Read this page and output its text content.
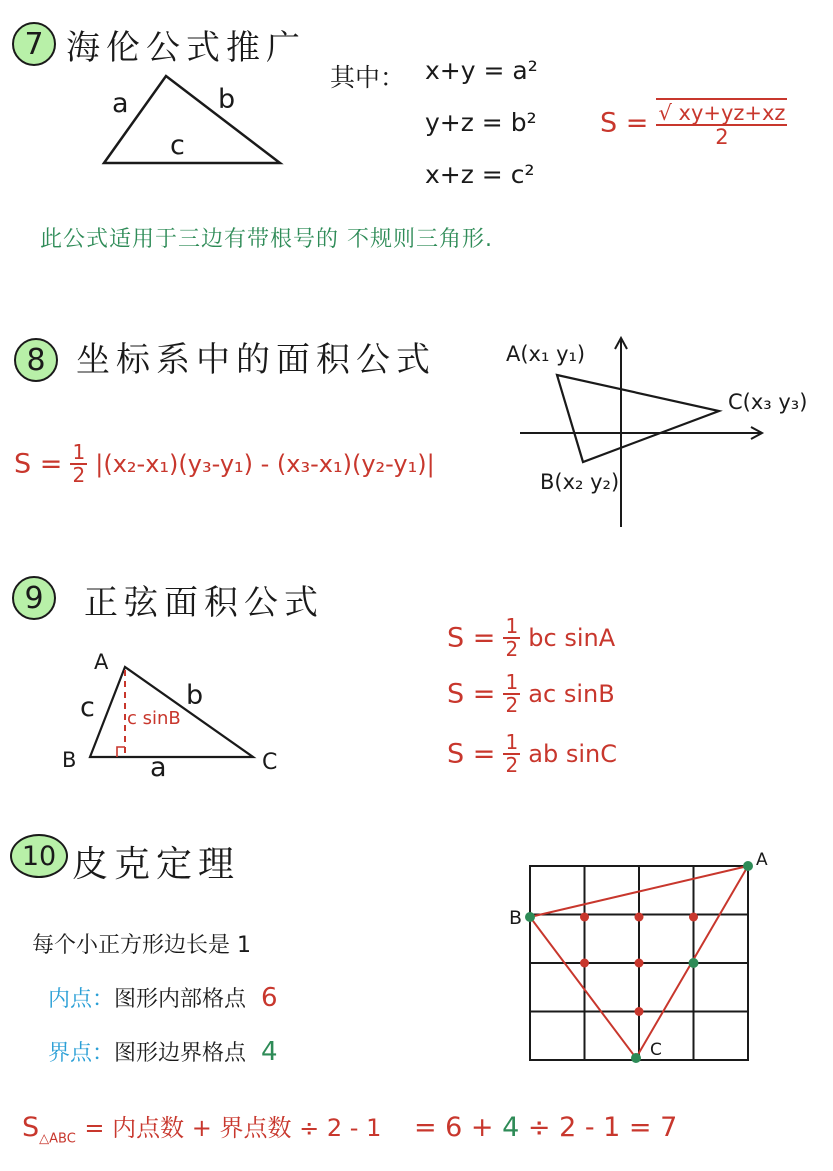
7 海伦公式推广
a	b
c
其中： x+y = a²
y+z = b²
x+z = c²
$S = \frac{√ xy+yz+xz}{2}$
此公式适用于三边有带根号的 不规则三角形.
8 坐标系中的面积公式
$S = \frac{1}{2} |(x_2-x_1)(y_3-y_1) - (x_3-x_1)(y_2-y_1)|$
A(x₁ y₁)
C(x₃ y₃)
B(x₂ y₂)
9 正弦面积公式
A
B	C
c	b
a
c sinB
$S = \frac{1}{2}$ bc sinA
$S = \frac{1}{2}$ ac sinB
$S = \frac{1}{2}$ ab sinC
10 皮克定理
每个小正方形边长是 1
内点：图形内部格点 6
界点：图形边界格点 4
$S_{\triangle ABC}$ = 内点数 + 界点数 ÷ 2 - 1 = 6 + 4 ÷ 2 - 1 = 7
A
B
C
